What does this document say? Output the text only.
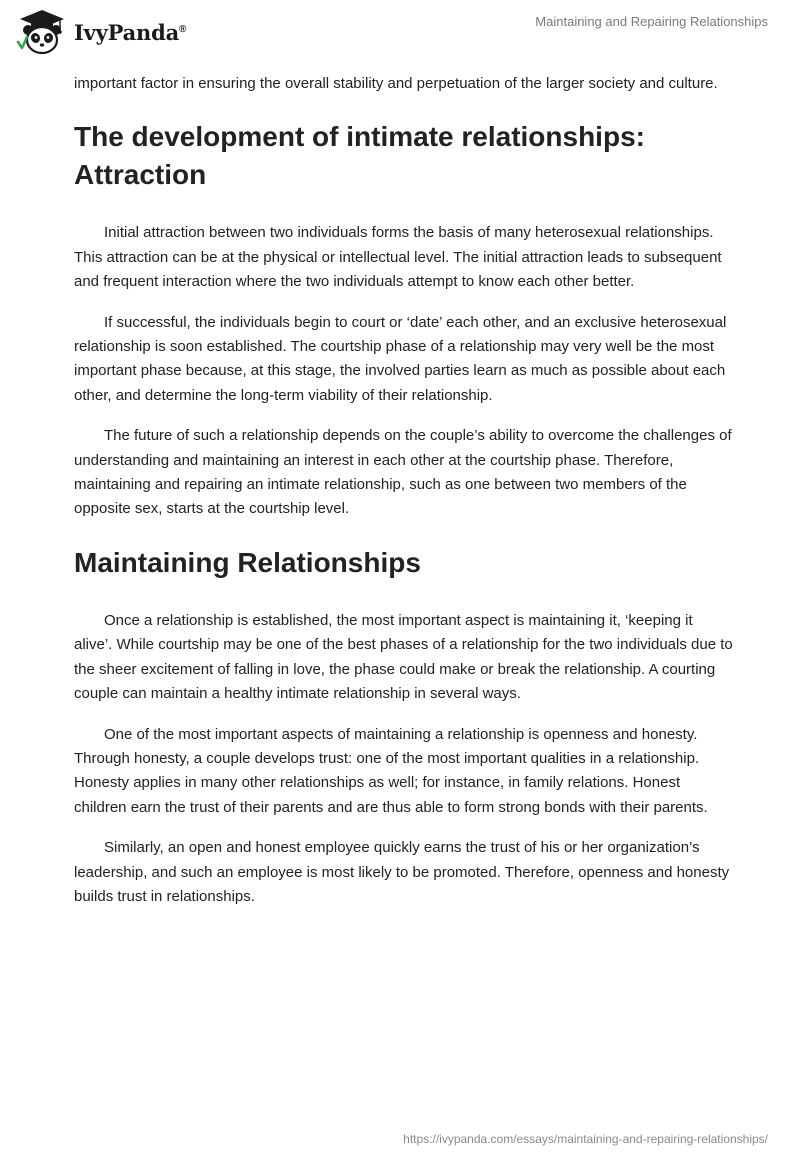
IvyPanda®	Maintaining and Repairing Relationships

important factor in ensuring the overall stability and perpetuation of the larger society and culture.

The development of intimate relationships: Attraction

Initial attraction between two individuals forms the basis of many heterosexual relationships. This attraction can be at the physical or intellectual level. The initial attraction leads to subsequent and frequent interaction where the two individuals attempt to know each other better.

If successful, the individuals begin to court or ‘date’ each other, and an exclusive heterosexual relationship is soon established. The courtship phase of a relationship may very well be the most important phase because, at this stage, the involved parties learn as much as possible about each other, and determine the long-term viability of their relationship.

The future of such a relationship depends on the couple’s ability to overcome the challenges of understanding and maintaining an interest in each other at the courtship phase. Therefore, maintaining and repairing an intimate relationship, such as one between two members of the opposite sex, starts at the courtship level.

Maintaining Relationships

Once a relationship is established, the most important aspect is maintaining it, ‘keeping it alive’. While courtship may be one of the best phases of a relationship for the two individuals due to the sheer excitement of falling in love, the phase could make or break the relationship. A courting couple can maintain a healthy intimate relationship in several ways.

One of the most important aspects of maintaining a relationship is openness and honesty. Through honesty, a couple develops trust: one of the most important qualities in a relationship. Honesty applies in many other relationships as well; for instance, in family relations. Honest children earn the trust of their parents and are thus able to form strong bonds with their parents.

Similarly, an open and honest employee quickly earns the trust of his or her organization’s leadership, and such an employee is most likely to be promoted. Therefore, openness and honesty builds trust in relationships.

https://ivypanda.com/essays/maintaining-and-repairing-relationships/
